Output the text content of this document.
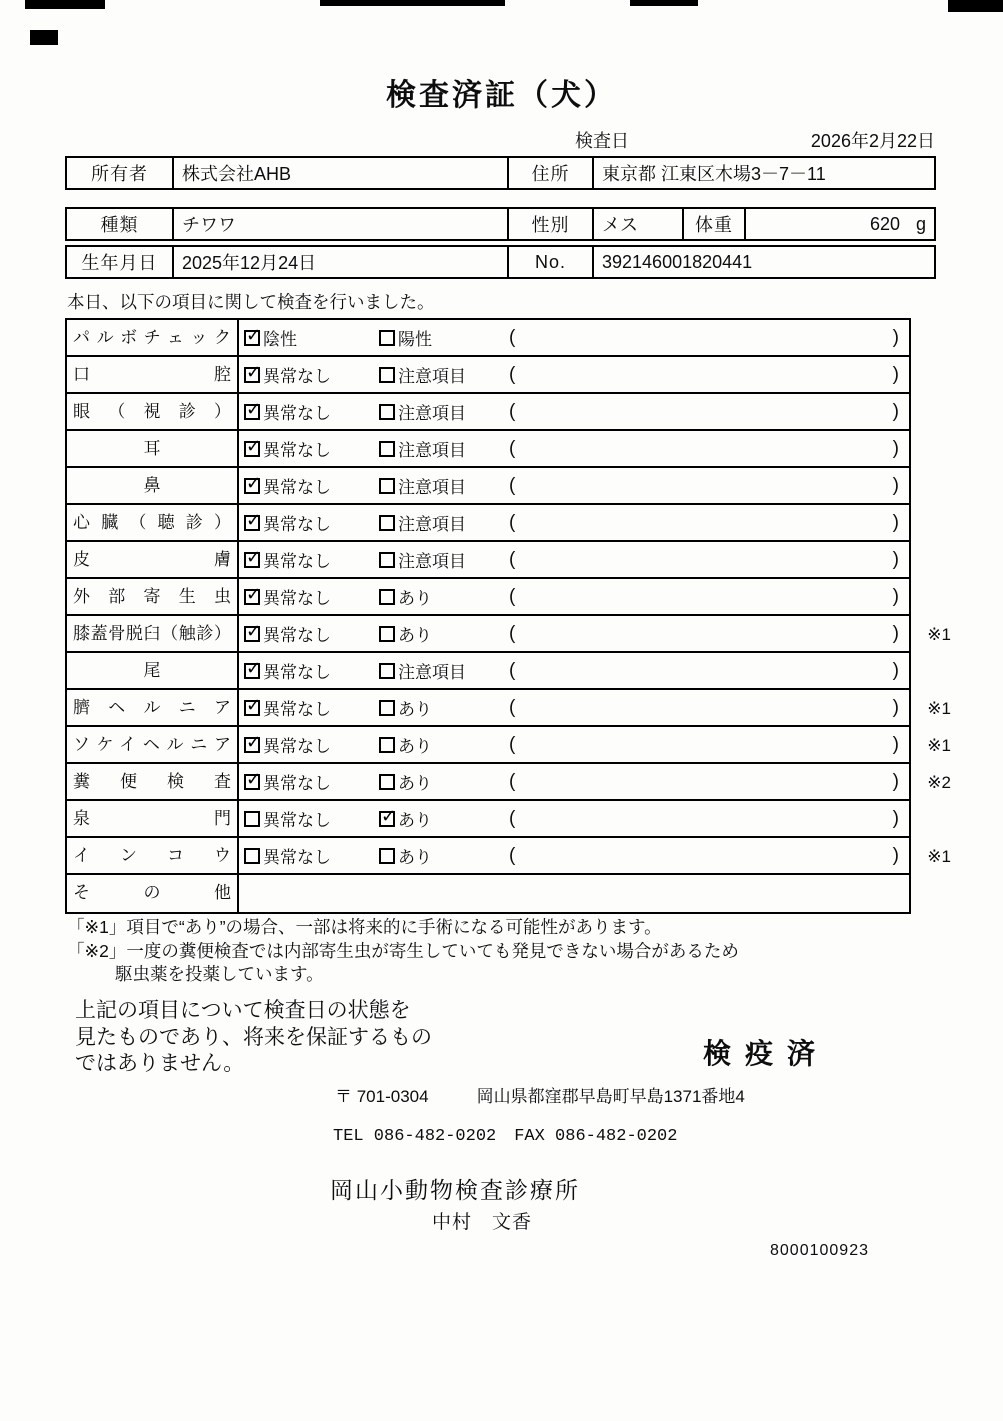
検査済証（犬）
検査日	2026年2月22日
所有者	株式会社AHB	住所	東京都 江東区木場3－7－11
種類	チワワ	性別	メス	体重	620 g
生年月日	2025年12月24日	No.	392146001820441
本日、以下の項目に関して検査を行いました。
パルボチェック ✓	陰性	陽性	(	)
口腔 ✓	異常なし	注意項目 (	)
眼（視診） ✓	異常なし	注意項目 (	)
耳 ✓	異常なし	注意項目 (	)
鼻 ✓	異常なし	注意項目 (	)
心臓（聴診） ✓	異常なし	注意項目 (	)
皮膚 ✓	異常なし	注意項目 (	)
外部寄生虫 ✓	異常なし	あり	(	)
膝蓋骨脱臼（触診） ✓	異常なし	あり	(	) ※1
尾 ✓	異常なし	注意項目 (	)
臍ヘルニア ✓	異常なし	あり	(	) ※1
ソケイヘルニア ✓	異常なし	あり	(	) ※1
糞便検査 ✓	異常なし	あり	(	) ※2
泉門	異常なし ✓	あり	(	)
インコウ	異常なし	あり	(	) ※1
その他
「※1」項目で“あり”の場合、一部は将来的に手術になる可能性があります。
「※2」一度の糞便検査では内部寄生虫が寄生していても発見できない場合があるため
駆虫薬を投薬しています。
上記の項目について検査日の状態を
見たものであり、将来を保証するもの
ではありません。	検疫済
〒 701-0304	岡山県都窪郡早島町早島1371番地4
TEL 086-482-0202 FAX 086-482-0202
岡山小動物検査診療所
中村　文香
8000100923
